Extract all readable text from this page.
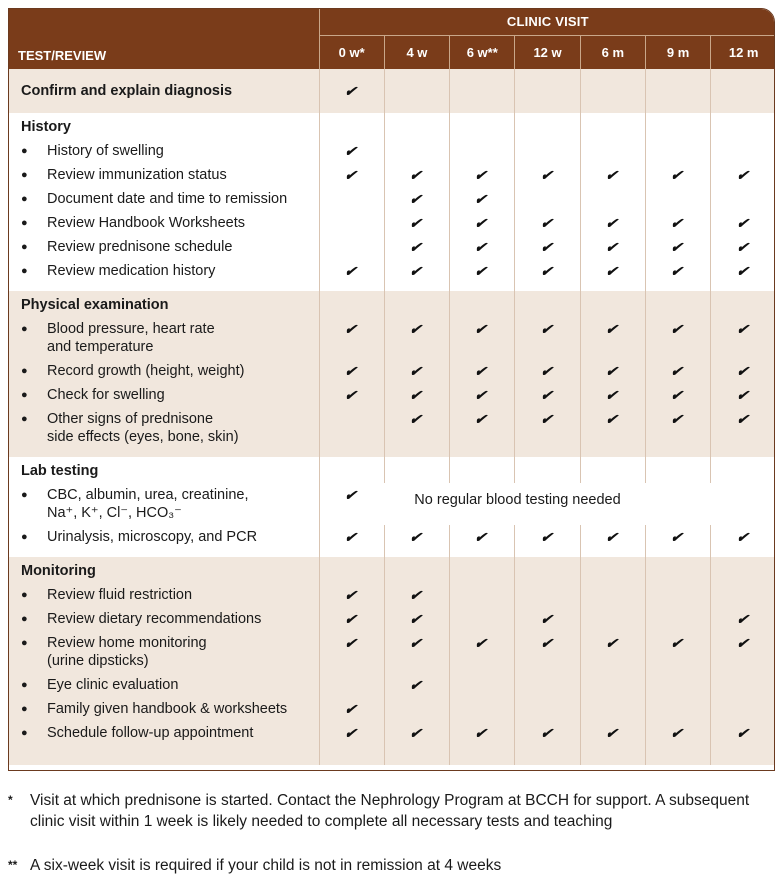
TEST/REVIEW	CLINIC VISIT						
	0 w*	4 w	6 w**	12 w	6 m	9 m	12 m
Confirm and explain diagnosis	✔						
History							
● History of swelling	✔						
● Review immunization status	✔	✔	✔	✔	✔	✔	✔
● Document date and time to remission		✔	✔				
● Review Handbook Worksheets		✔	✔	✔	✔	✔	✔
● Review prednisone schedule		✔	✔	✔	✔	✔	✔
● Review medication history	✔	✔	✔	✔	✔	✔	✔

Physical examination							
● Blood pressure, heart rate
and temperature	✔	✔	✔	✔	✔	✔	✔
● Record growth (height, weight)	✔	✔	✔	✔	✔	✔	✔
● Check for swelling	✔	✔	✔	✔	✔	✔	✔
● Other signs of prednisone
side effects (eyes, bone, skin)		✔	✔	✔	✔	✔	✔

Lab testing							
● CBC, albumin, urea, creatinine,
Na⁺, K⁺, Cl⁻, HCO₃⁻	✔	No regular blood testing needed					
● Urinalysis, microscopy, and PCR	✔	✔	✔	✔	✔	✔	✔

Monitoring							
● Review fluid restriction	✔	✔					
● Review dietary recommendations	✔	✔		✔			✔
● Review home monitoring
(urine dipsticks)	✔	✔	✔	✔	✔	✔	✔
● Eye clinic evaluation		✔					
● Family given handbook & worksheets	✔						
● Schedule follow-up appointment	✔	✔	✔	✔	✔	✔	✔

* Visit at which prednisone is started. Contact the Nephrology Program at BCCH for support. A subsequent clinic visit within 1 week is likely needed to complete all necessary tests and teaching
** A six-week visit is required if your child is not in remission at 4 weeks
